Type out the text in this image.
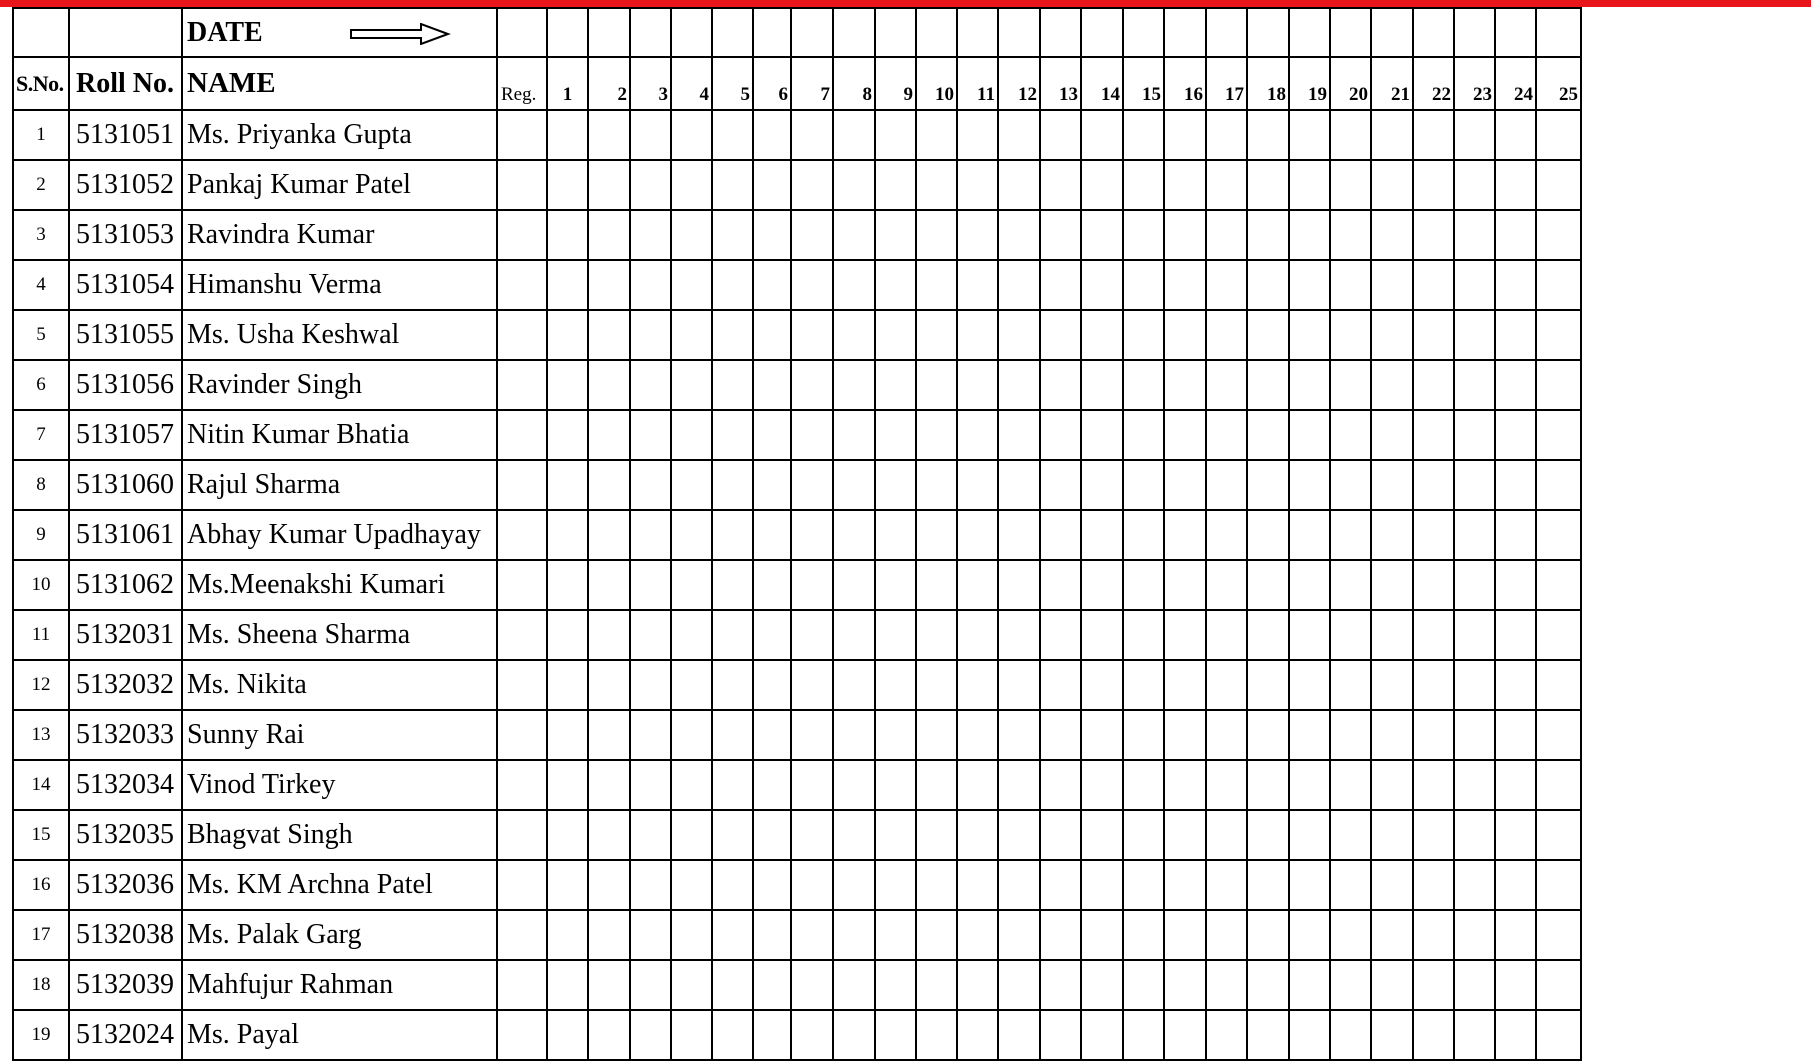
		DATE

S.No.	Roll No.	NAME	Reg.	1	2	3	4	5	6	7	8	9	10	11	12	13	14	15	16	17	18	19	20	21	22	23	24	25
1	5131051	Ms. Priyanka Gupta																										
2	5131052	Pankaj Kumar Patel																										
3	5131053	Ravindra Kumar																										
4	5131054	Himanshu Verma																										
5	5131055	Ms. Usha Keshwal																										
6	5131056	Ravinder Singh																										
7	5131057	Nitin Kumar Bhatia																										
8	5131060	Rajul Sharma																										
9	5131061	Abhay Kumar Upadhayay																										
10	5131062	Ms.Meenakshi Kumari																										
11	5132031	Ms. Sheena Sharma																										
12	5132032	Ms. Nikita																										
13	5132033	Sunny Rai																										
14	5132034	Vinod Tirkey																										
15	5132035	Bhagvat Singh																										
16	5132036	Ms. KM Archna Patel																										
17	5132038	Ms. Palak Garg																										
18	5132039	Mahfujur Rahman																										
19	5132024	Ms. Payal																										
